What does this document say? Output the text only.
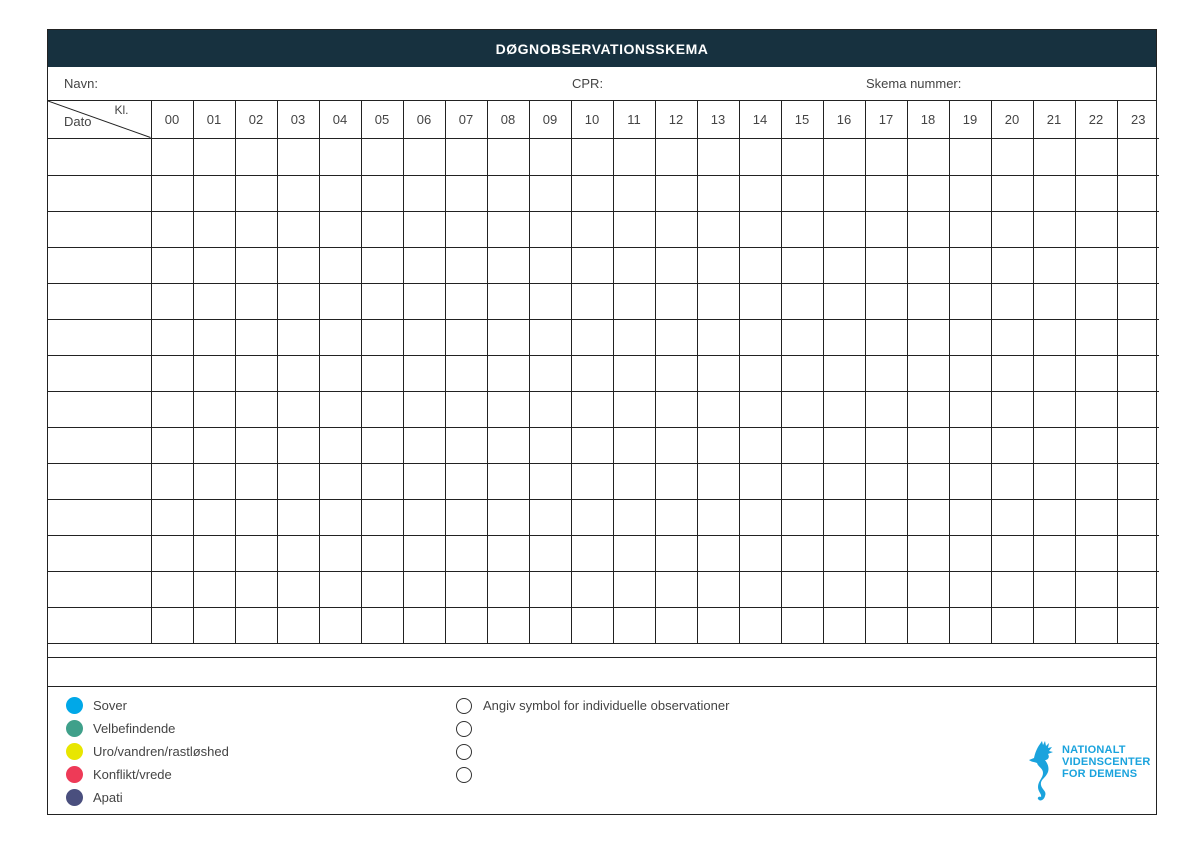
DØGNOBSERVATIONSSKEMA
Navn:	CPR:	Skema nummer:
Kl.
Dato	00	01	02	03	04	05	06	07	08	09	10	11	12	13	14	15	16	17	18	19	20	21	22	23

Sover
Velbefindende
Uro/vandren/rastløshed
Konflikt/vrede
Apati
Angiv symbol for individuelle observationer
NATIONALT
VIDENSCENTER
FOR DEMENS
